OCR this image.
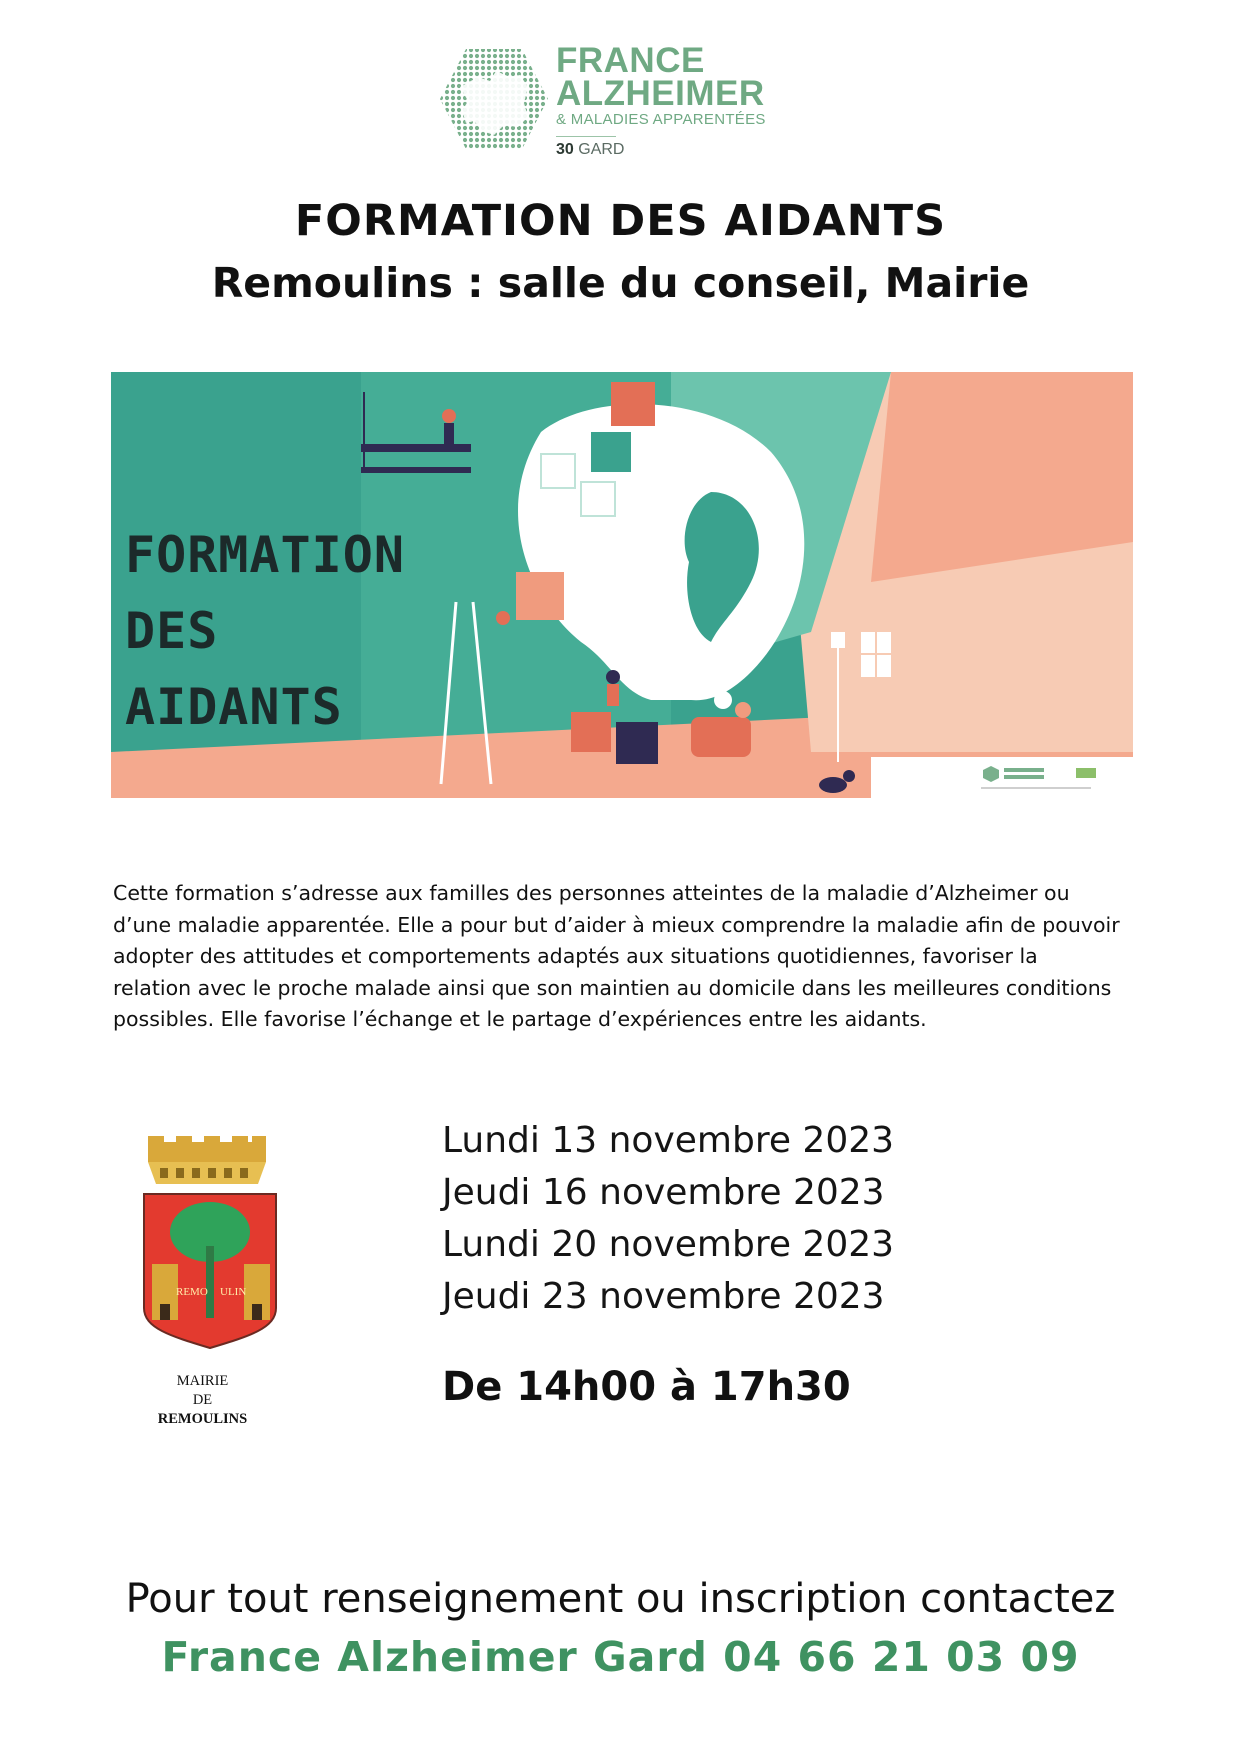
FRANCE
ALZHEIMER
& MALADIES APPARENTÉES
30 GARD
FORMATION DES AIDANTS
Remoulins : salle du conseil, Mairie
FORMATION
DES
AIDANTS
Cette formation s’adresse aux familles des personnes atteintes de la maladie d’Alzheimer ou
d’une maladie apparentée. Elle a pour but d’aider à mieux comprendre la maladie afin de pouvoir
adopter des attitudes et comportements adaptés aux situations quotidiennes, favoriser la
relation avec le proche malade ainsi que son maintien au domicile dans les meilleures conditions
possibles. Elle favorise l’échange et le partage d’expériences entre les aidants.
REMO ULIN
MAIRIE
DE
REMOULINS
Lundi 13 novembre 2023
Jeudi 16 novembre 2023
Lundi 20 novembre 2023
Jeudi 23 novembre 2023
De 14h00 à 17h30
Pour tout renseignement ou inscription contactez
France Alzheimer Gard 04 66 21 03 09
